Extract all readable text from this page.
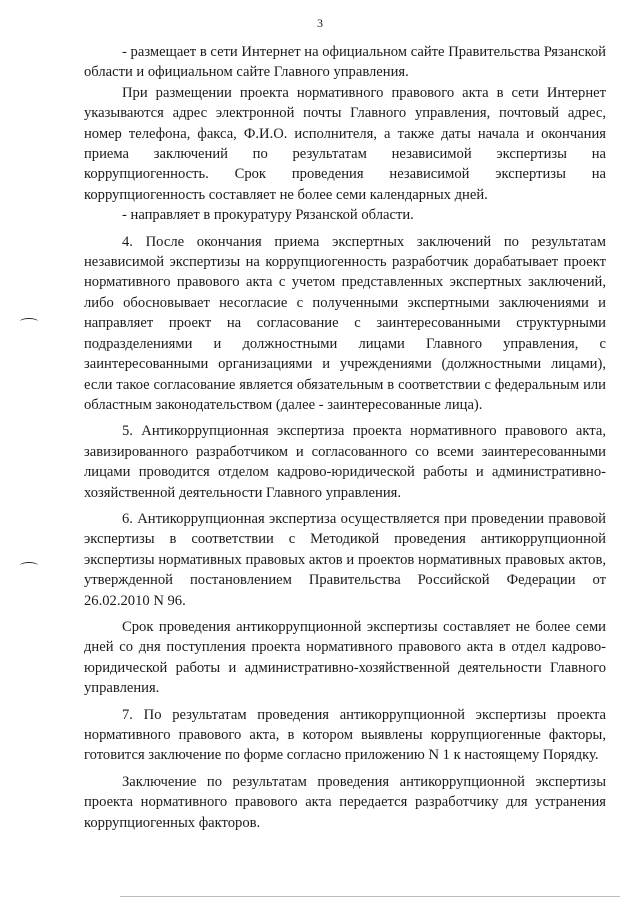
3

- размещает в сети Интернет на официальном сайте Правительства Рязанской области и официальном сайте Главного управления.

При размещении проекта нормативного правового акта в сети Интернет указываются адрес электронной почты Главного управления, почтовый адрес, номер телефона, факса, Ф.И.О. исполнителя, а также даты начала и окончания приема заключений по результатам независимой экспертизы на коррупциогенность. Срок проведения независимой экспертизы на коррупциогенность составляет не более семи календарных дней.

- направляет в прокуратуру Рязанской области.

4. После окончания приема экспертных заключений по результатам независимой экспертизы на коррупциогенность разработчик дорабатывает проект нормативного правового акта с учетом представленных экспертных заключений, либо обосновывает несогласие с полученными экспертными заключениями и направляет проект на согласование с заинтересованными структурными подразделениями и должностными лицами Главного управления, с заинтересованными организациями и учреждениями (должностными лицами), если такое согласование является обязательным в соответствии с федеральным или областным законодательством (далее - заинтересованные лица).

5. Антикоррупционная экспертиза проекта нормативного правового акта, завизированного разработчиком и согласованного со всеми заинтересованными лицами проводится отделом кадрово-юридической работы и административно-хозяйственной деятельности Главного управления.

6. Антикоррупционная экспертиза осуществляется при проведении правовой экспертизы в соответствии с Методикой проведения антикоррупционной экспертизы нормативных правовых актов и проектов нормативных правовых актов, утвержденной постановлением Правительства Российской Федерации от 26.02.2010 N 96.

Срок проведения антикоррупционной экспертизы составляет не более семи дней со дня поступления проекта нормативного правового акта в отдел кадрово-юридической работы и административно-хозяйственной деятельности Главного управления.

7. По результатам проведения антикоррупционной экспертизы проекта нормативного правового акта, в котором выявлены коррупциогенные факторы, готовится заключение по форме согласно приложению N 1 к настоящему Порядку.

Заключение по результатам проведения антикоррупционной экспертизы проекта нормативного правового акта передается разработчику для устранения коррупциогенных факторов.
